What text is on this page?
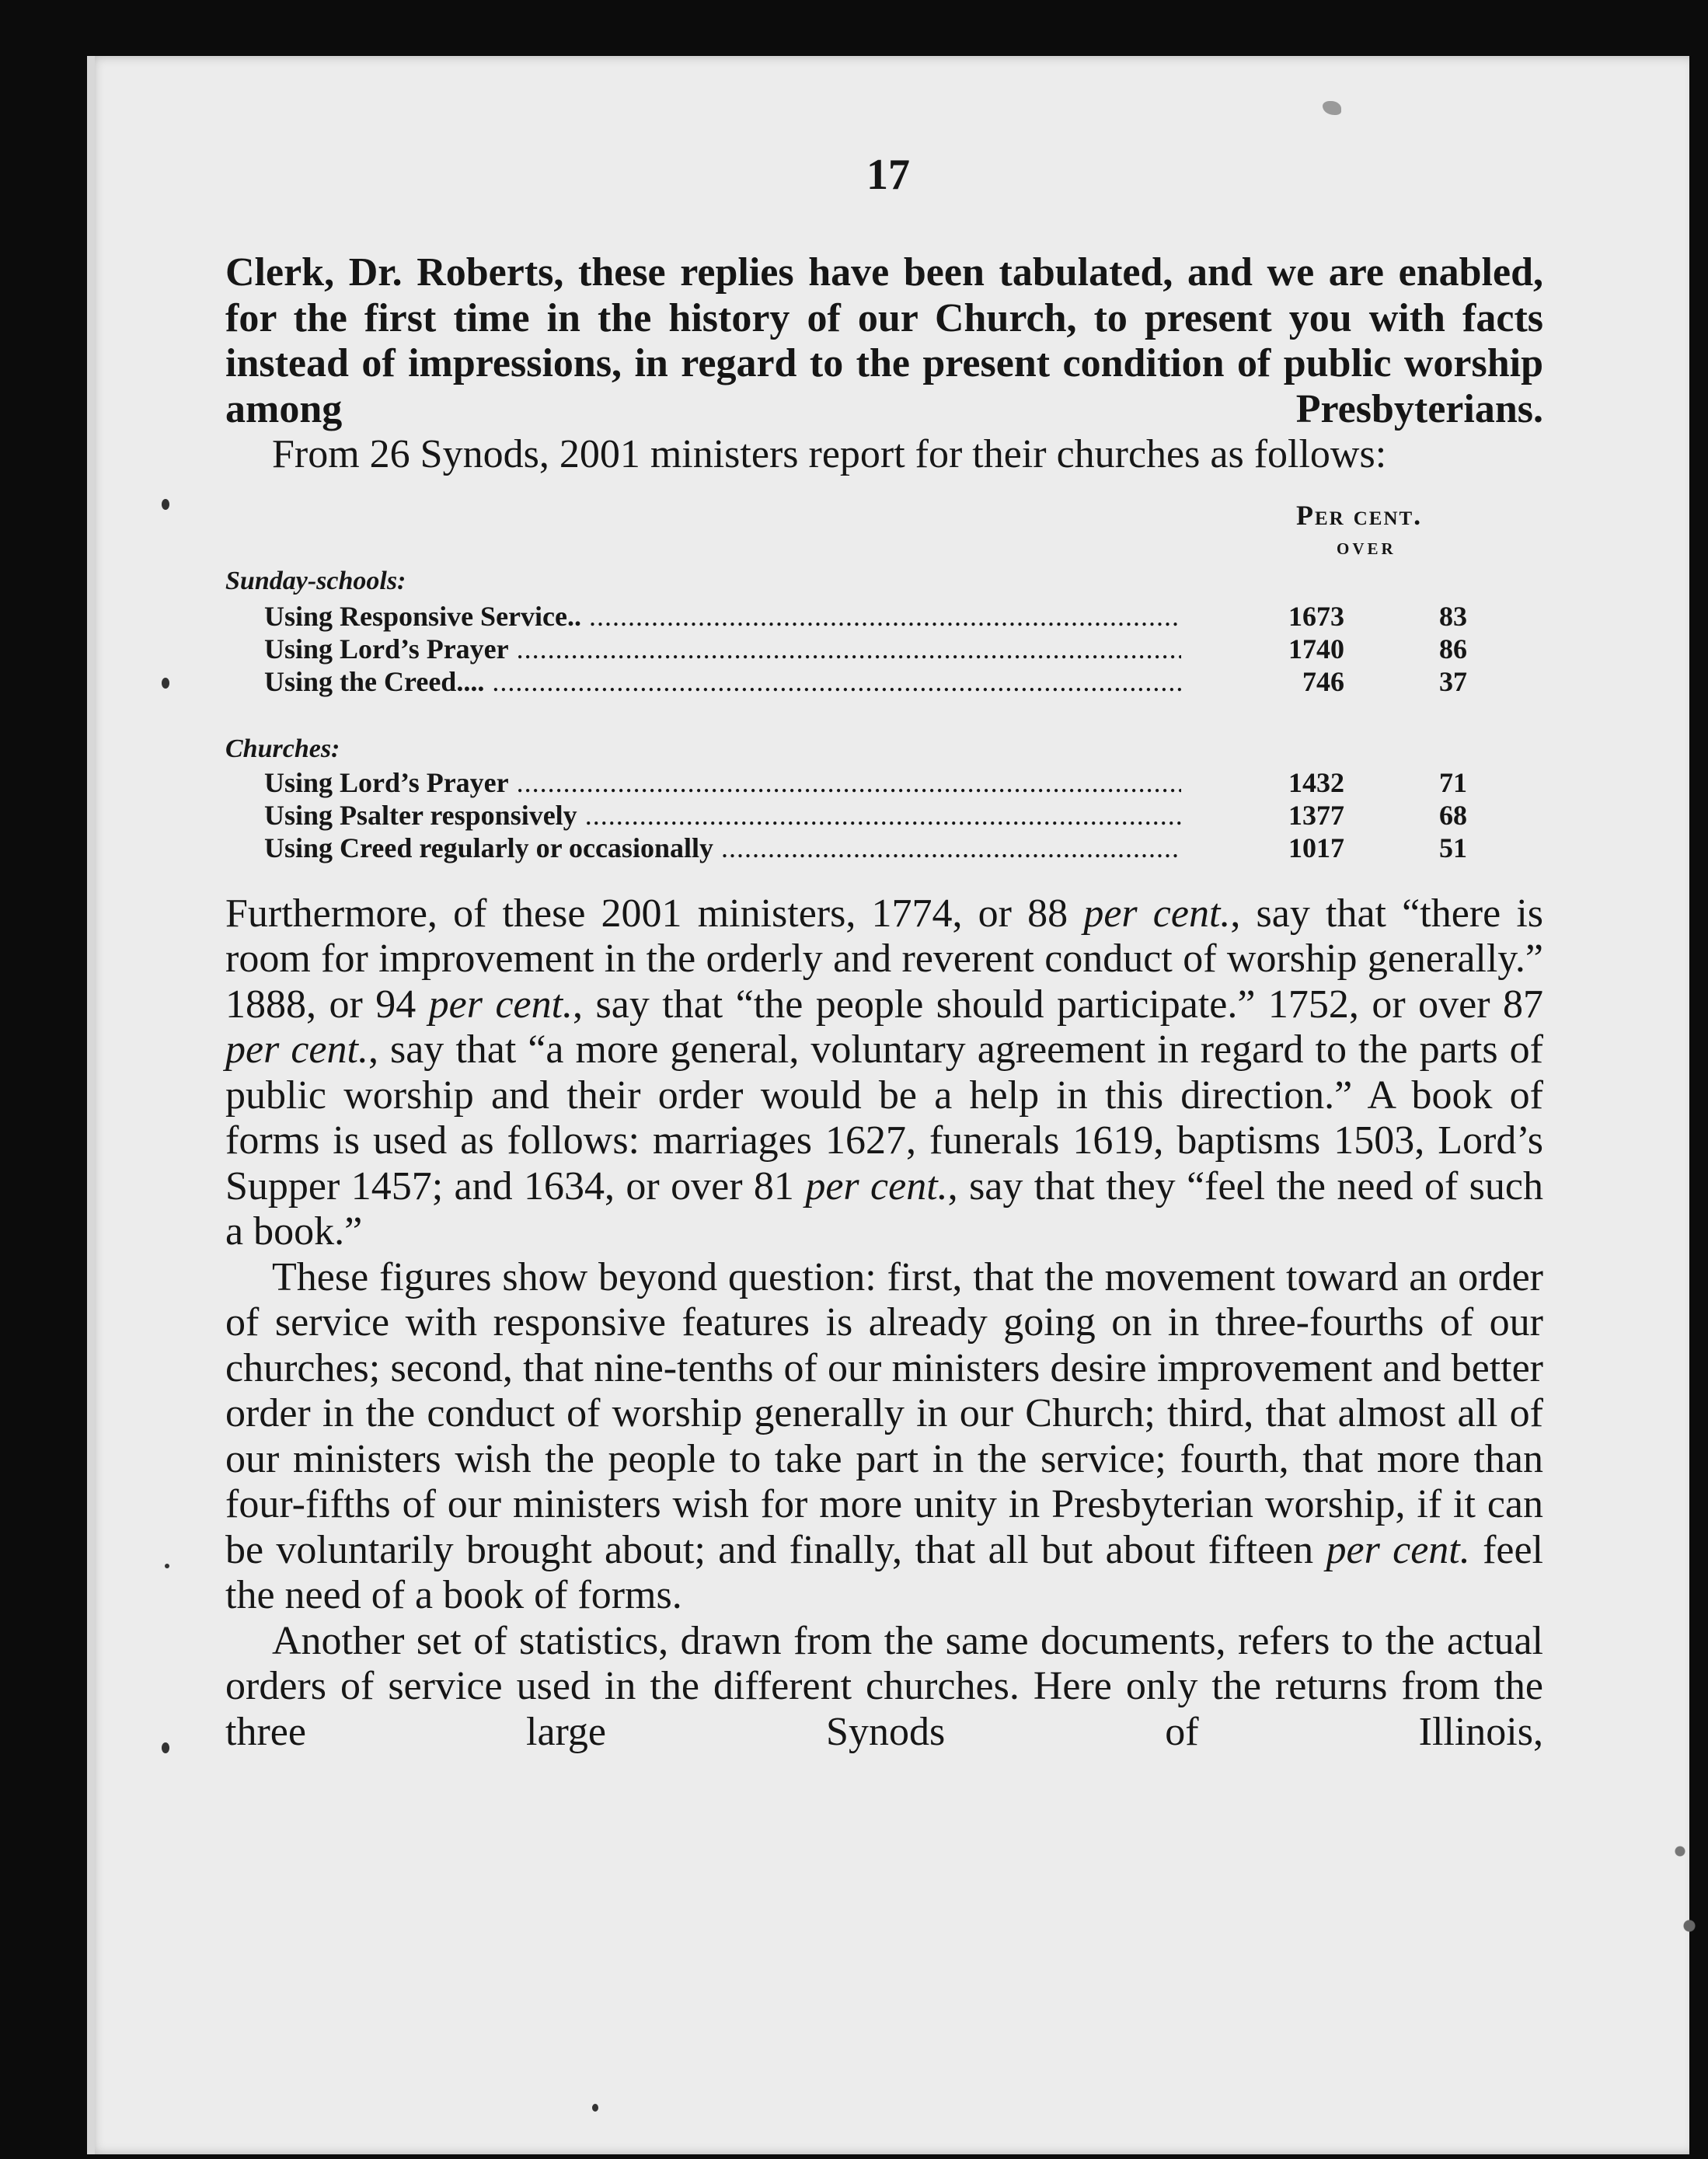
17

Clerk, Dr. Roberts, these replies have been tabulated, and we are enabled, for the first time in the history of our Church, to present you with facts instead of impressions, in regard to the present condition of public worship among Presbyterians.

From 26 Synods, 2001 ministers report for their churches as follows:

Per cent.
over
Sunday-schools:
Using Responsive Service.. .....	1673	83
Using Lord’s Prayer .....	1740	86
Using the Creed.... .....	746	37
Churches:
Using Lord’s Prayer .....	1432	71
Using Psalter responsively .....	1377	68
Using Creed regularly or occasionally .....	1017	51

Furthermore, of these 2001 ministers, 1774, or 88 per cent., say that “there is room for improvement in the orderly and reverent conduct of worship generally.” 1888, or 94 per cent., say that “the people should participate.” 1752, or over 87 per cent., say that “a more general, voluntary agreement in regard to the parts of public worship and their order would be a help in this direction.” A book of forms is used as follows: marriages 1627, funerals 1619, baptisms 1503, Lord’s Supper 1457; and 1634, or over 81 per cent., say that they “feel the need of such a book.”

These figures show beyond question: first, that the movement toward an order of service with responsive features is already going on in three-fourths of our churches; second, that nine-tenths of our ministers desire improvement and better order in the conduct of worship generally in our Church; third, that almost all of our ministers wish the people to take part in the service; fourth, that more than four-fifths of our ministers wish for more unity in Presbyterian worship, if it can be voluntarily brought about; and finally, that all but about fifteen per cent. feel the need of a book of forms.

Another set of statistics, drawn from the same documents, refers to the actual orders of service used in the different churches. Here only the returns from the three large Synods of Illinois,
